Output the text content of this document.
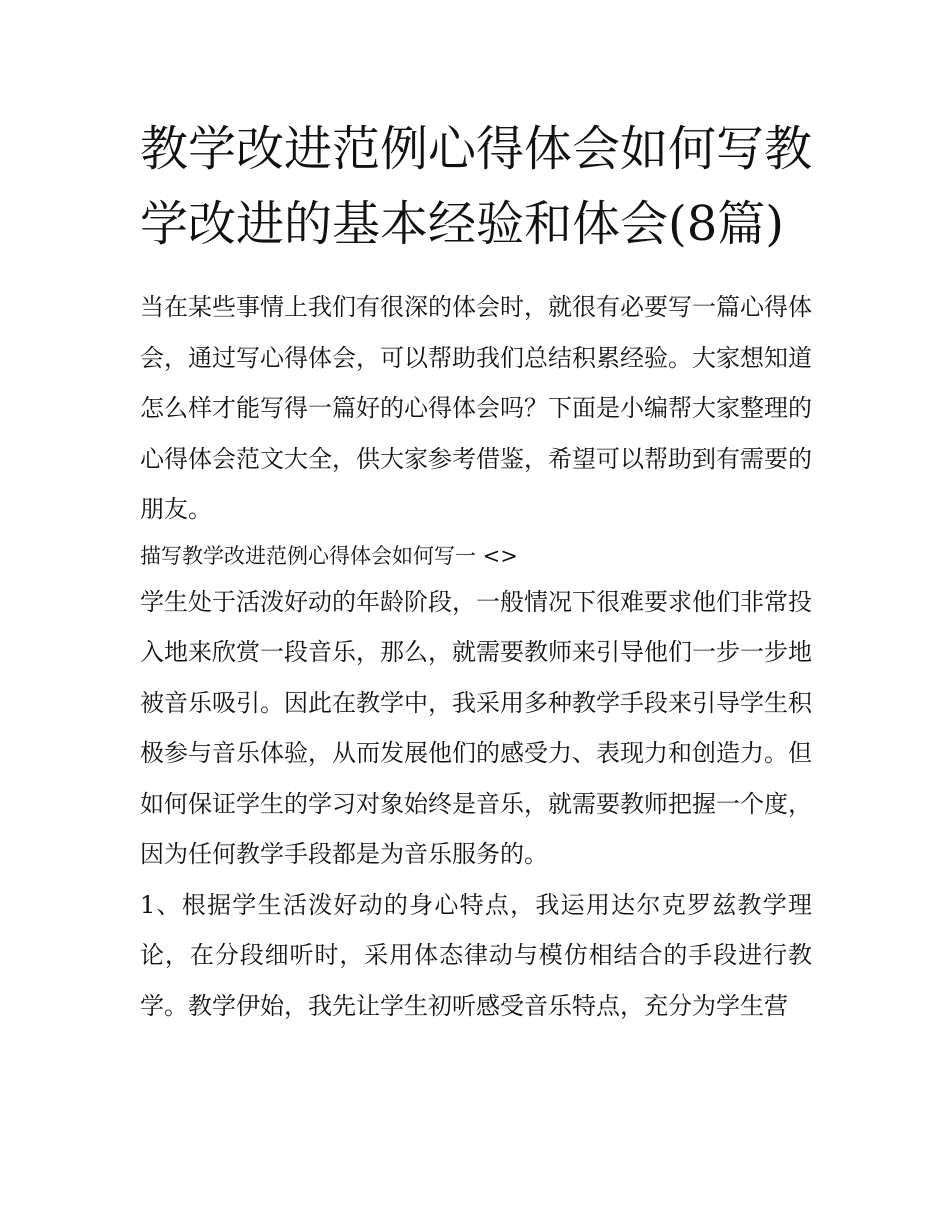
教学改进范例心得体会如何写教学改进的基本经验和体会(8篇)

当在某些事情上我们有很深的体会时，就很有必要写一篇心得体会，通过写心得体会，可以帮助我们总结积累经验。大家想知道怎么样才能写得一篇好的心得体会吗？下面是小编帮大家整理的心得体会范文大全，供大家参考借鉴，希望可以帮助到有需要的朋友。

描写教学改进范例心得体会如何写一 <>

学生处于活泼好动的年龄阶段，一般情况下很难要求他们非常投入地来欣赏一段音乐，那么，就需要教师来引导他们一步一步地被音乐吸引。因此在教学中，我采用多种教学手段来引导学生积极参与音乐体验，从而发展他们的感受力、表现力和创造力。但如何保证学生的学习对象始终是音乐，就需要教师把握一个度，因为任何教学手段都是为音乐服务的。

1、根据学生活泼好动的身心特点，我运用达尔克罗兹教学理论，在分段细听时，采用体态律动与模仿相结合的手段进行教学。教学伊始，我先让学生初听感受音乐特点，充分为学生营
